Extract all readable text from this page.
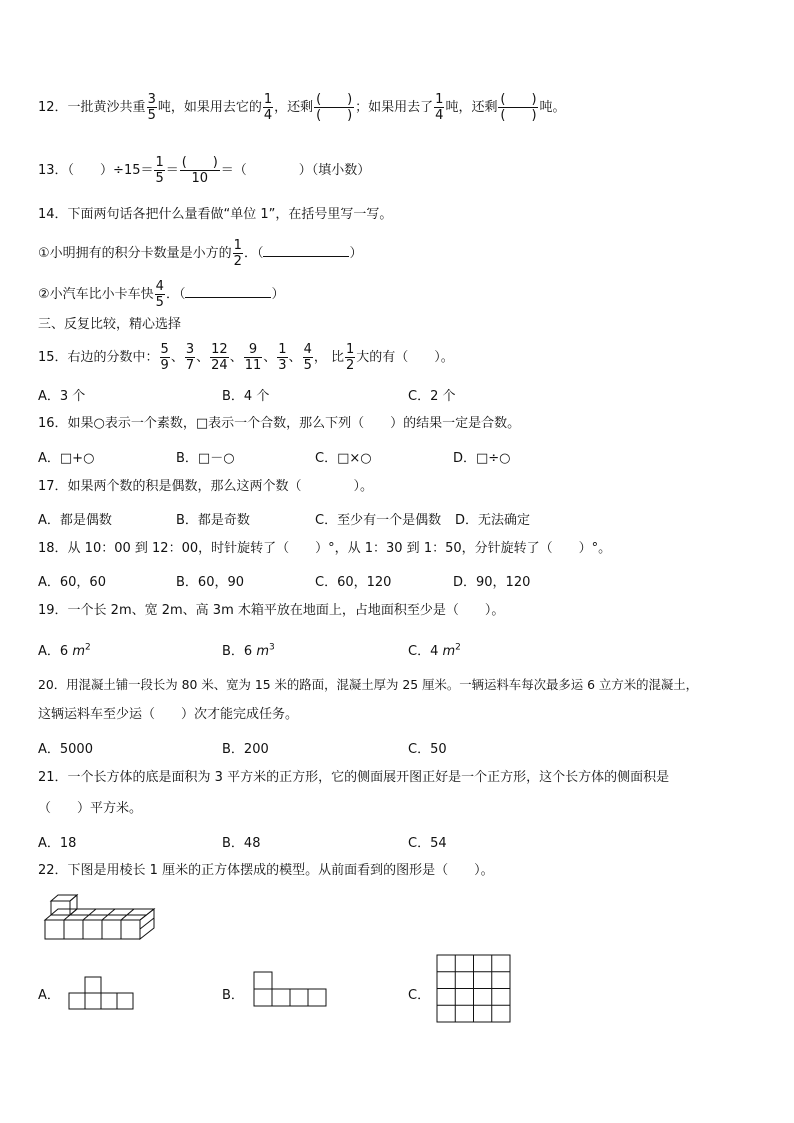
12．一批黄沙共重 $\frac{3}{5}$ 吨，如果用去它的 $\frac{1}{4}$ ，还剩 $\frac{( )}{( )}$ ；如果用去了 $\frac{1}{4}$ 吨，还剩 $\frac{( )}{( )}$ 吨。
13．（　　）$\div 15= \frac{1}{5} = \frac{( )}{10}$ ＝（　　　　）（填小数）
14．下面两句话各把什么量看做“单位 1”，在括号里写一写。
①小明拥有的积分卡数量是小方的 $\frac{1}{2}$ ．（	）
②小汽车比小卡车快 $\frac{4}{5}$ ．（	）
三、反复比较，精心选择
15．右边的分数中： $\frac{5}{9}$ 、 $\frac{3}{7}$ 、 $\frac{12}{24}$ 、 $\frac{9}{11}$ 、 $\frac{1}{3}$ 、 $\frac{4}{5}$ ， 比 $\frac{1}{2}$ 大的有（　　）。
A．3 个	B．4 个	C．2 个
16．如果○表示一个素数，□表示一个合数，那么下列（　　）的结果一定是合数。
A．□+○	B．□－○	C．□×○	D．□÷○
17．如果两个数的积是偶数，那么这两个数（　　　　）。
A．都是偶数	B．都是奇数	C．至少有一个是偶数 D．无法确定
18．从 10：00 到 12：00，时针旋转了（　　）°，从 1：30 到 1：50，分针旋转了（　　）°。
A．60，60	B．60，90	C．60，120	D．90，120
19．一个长 2m、宽 2m、高 3m 木箱平放在地面上，占地面积至少是（　　）。
A．6 $m^2$	B．6 $m^3$	C．4 $m^2$
20．用混凝土铺一段长为 80 米、宽为 15 米的路面，混凝土厚为 25 厘米。一辆运料车每次最多运 6 立方米的混凝土，
这辆运料车至少运（　　）次才能完成任务。
A．5000	B．200	C．50
21．一个长方体的底是面积为 3 平方米的正方形，它的侧面展开图正好是一个正方形，这个长方体的侧面积是
（　　）平方米。
A．18	B．48	C．54
22．下图是用棱长 1 厘米的正方体摆成的模型。从前面看到的图形是（　　）。
A．	B．	C．
